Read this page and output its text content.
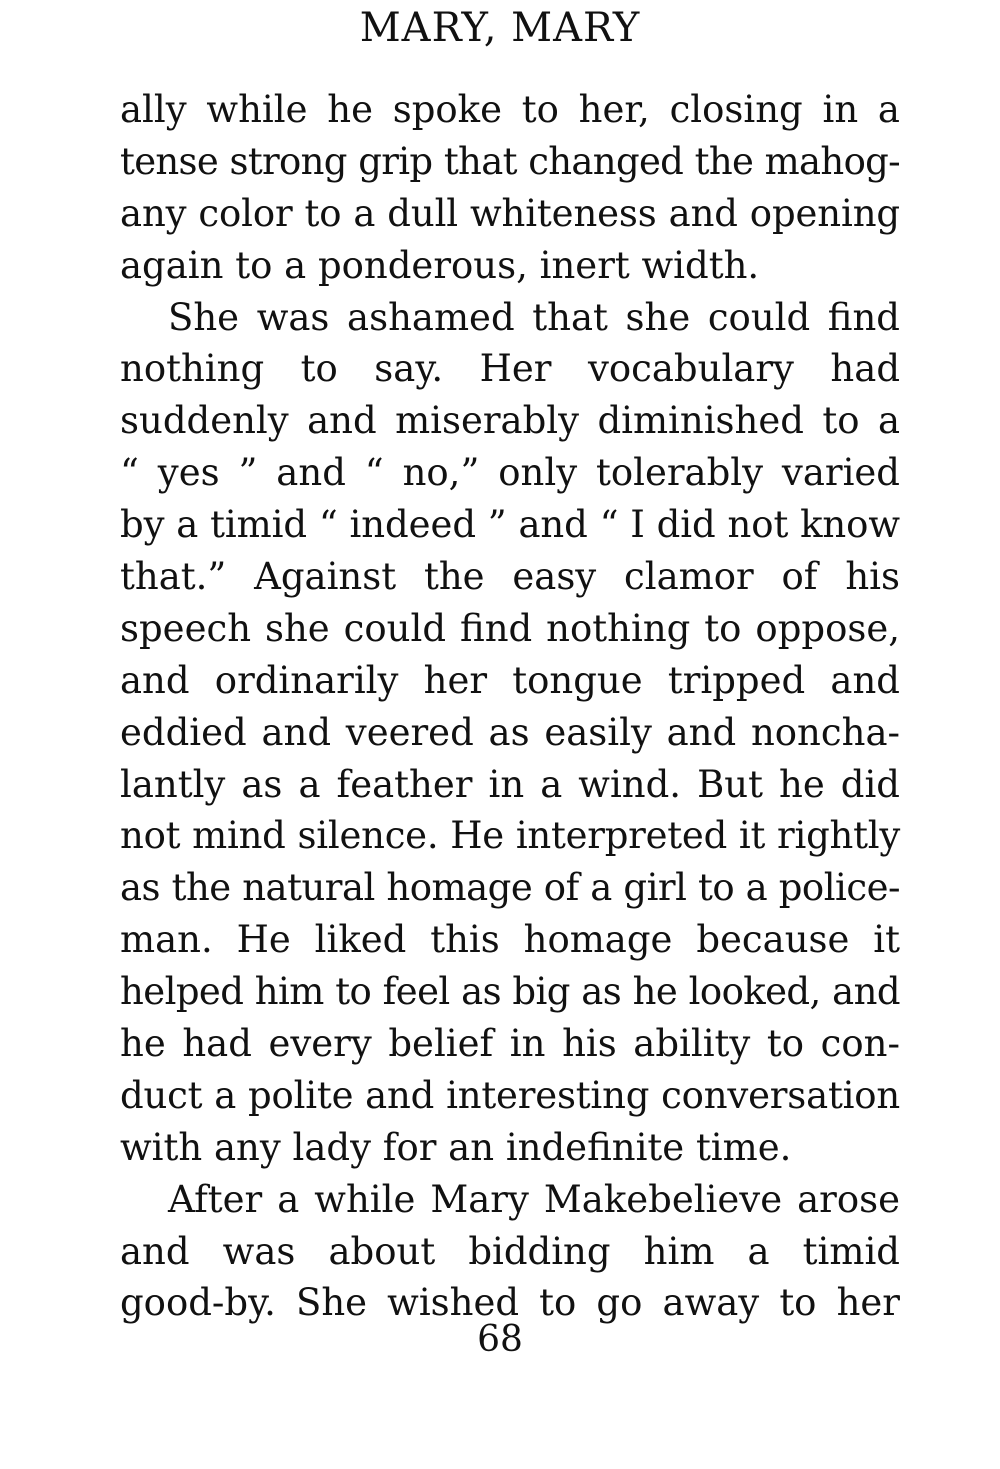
MARY, MARY
ally while he spoke to her, closing in a
tense strong grip that changed the mahog-
any color to a dull whiteness and opening
again to a ponderous, inert width.
She was ashamed that she could find
nothing to say. Her vocabulary had
suddenly and miserably diminished to a
“ yes ” and “ no,” only tolerably varied
by a timid “ indeed ” and “ I did not know
that.” Against the easy clamor of his
speech she could find nothing to oppose,
and ordinarily her tongue tripped and
eddied and veered as easily and noncha-
lantly as a feather in a wind. But he did
not mind silence. He interpreted it rightly
as the natural homage of a girl to a police-
man. He liked this homage because it
helped him to feel as big as he looked, and
he had every belief in his ability to con-
duct a polite and interesting conversation
with any lady for an indefinite time.
After a while Mary Makebelieve arose
and was about bidding him a timid
good-by. She wished to go away to her
68
